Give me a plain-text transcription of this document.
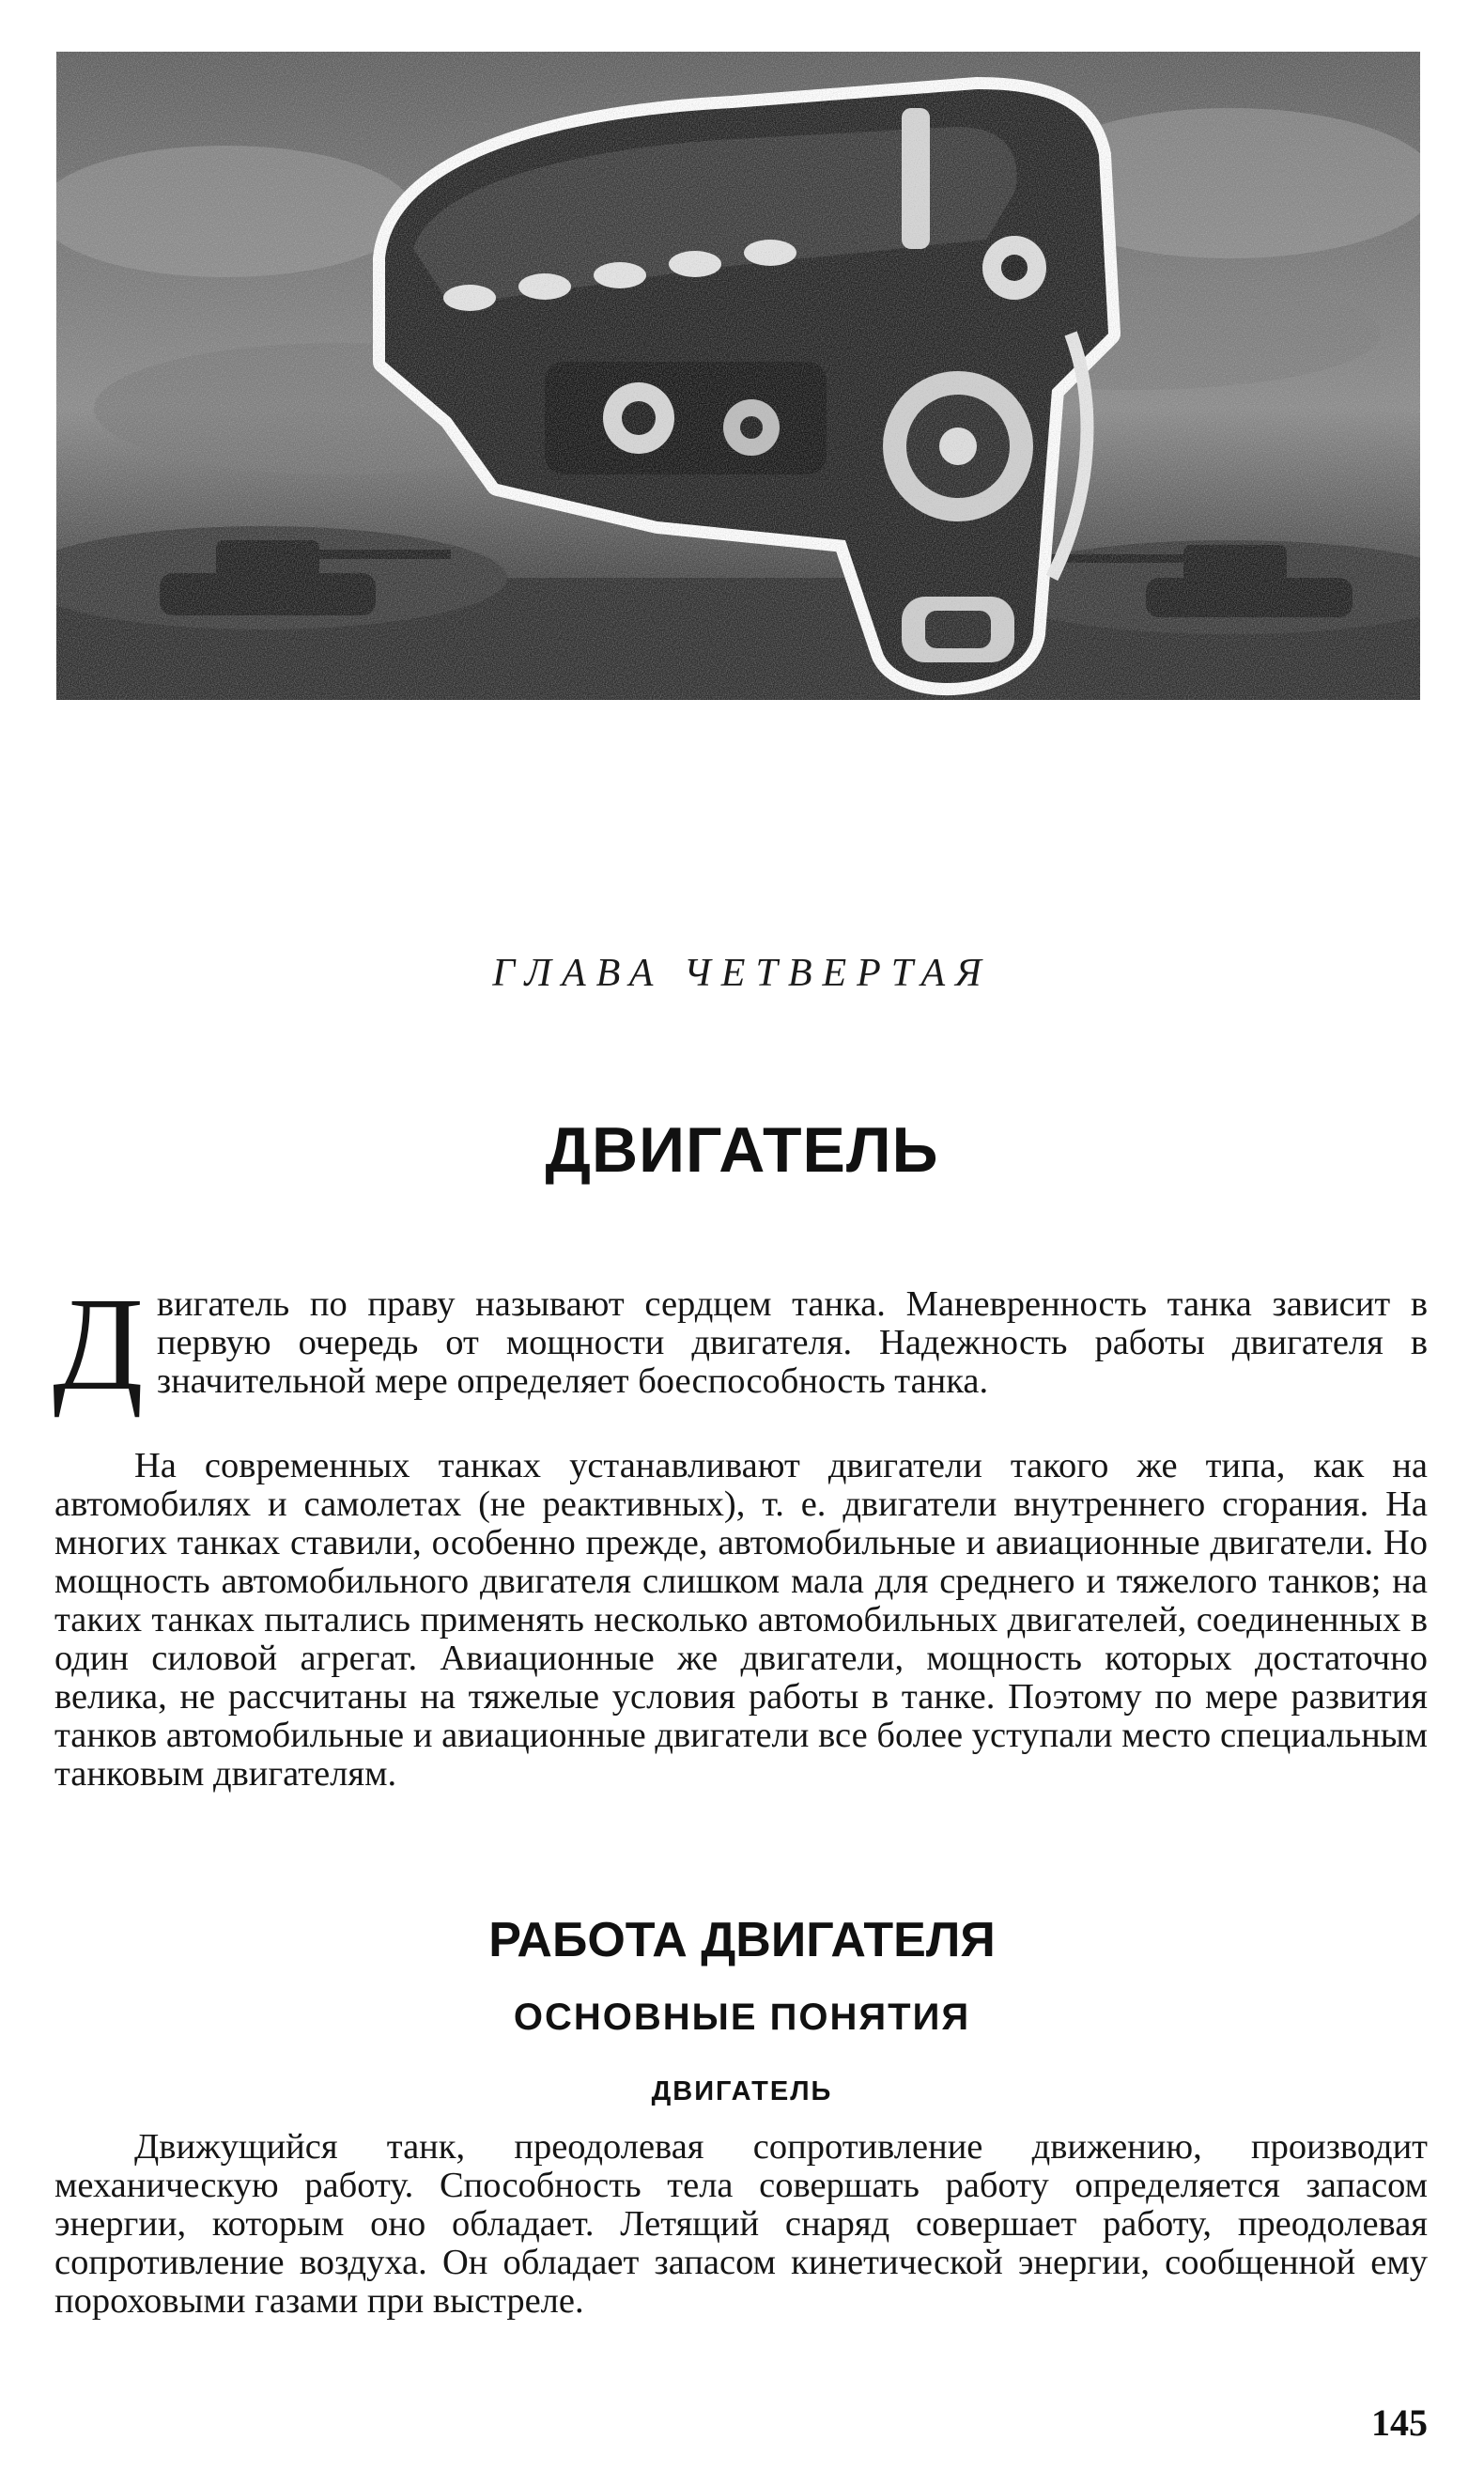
ГЛАВА ЧЕТВЕРТАЯ
ДВИГАТЕЛЬ
Двигатель по праву называют сердцем танка. Маневренность танка зависит в первую очередь от мощности двигателя. Надежность работы двигателя в значительной мере определяет боеспособность танка.
На современных танках устанавливают двигатели такого же типа, как на автомобилях и самолетах (не реактивных), т. е. двигатели внутреннего сгорания. На многих танках ставили, особенно прежде, автомобильные и авиационные двигатели. Но мощность автомобильного двигателя слишком мала для среднего и тяжелого танков; на таких танках пытались применять несколько автомобильных двигателей, соединенных в один силовой агрегат. Авиационные же двигатели, мощность которых достаточно велика, не рассчитаны на тяжелые условия работы в танке. Поэтому по мере развития танков автомобильные и авиационные двигатели все более уступали место специальным танковым двигателям.
РАБОТА ДВИГАТЕЛЯ
ОСНОВНЫЕ ПОНЯТИЯ
ДВИГАТЕЛЬ
Движущийся танк, преодолевая сопротивление движению, производит механическую работу. Способность тела совершать работу определяется запасом энергии, которым оно обладает. Летящий снаряд совершает работу, преодолевая сопротивление воздуха. Он обладает запасом кинетической энергии, сообщенной ему пороховыми газами при выстреле.
145
